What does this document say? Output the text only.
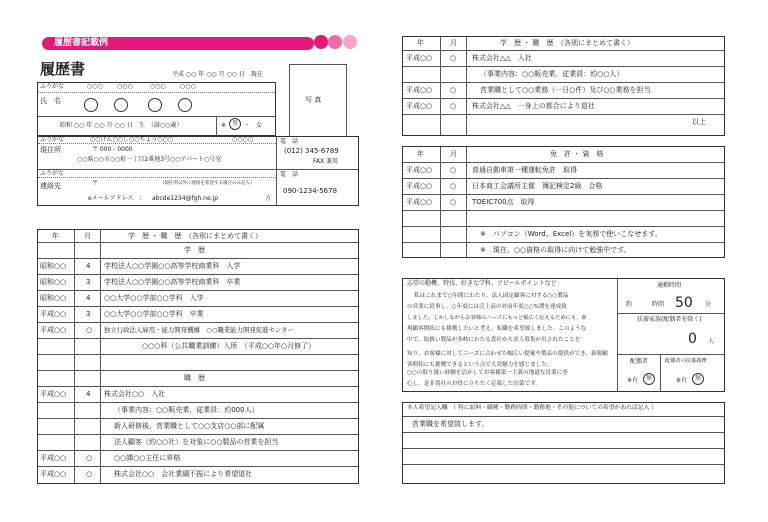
履歴書記載例
履歴書	平成 ○○ 年 ○○ 月 ○○ 日　現在
写 真
ふりがな	○○○ ○○○	○○○ ○○○
氏　名
昭和 ○○ 年 ○○ 月 ○○ 日　生　（満○○歳）	※ 男 ・　女
ふりがな	○○けん○○し○○ちょう○○○	○○○○
現住所	〒 000 - 0000
○○県○○市○○町一丁目2番地3号○○アパート○号室
電　話
(012) 345-6789
FAX 兼用
ふりがな
連絡先	〒	（現住所以外に連絡を希望する場合のみ記入）
電　話
090-1234-5678
eメールアドレス　： abcde1234@fgh.ne.jp	方
年	月	学　歴 ・ 職　歴　（各別にまとめて書く）
学　歴
昭和○○	4 学校法人○○学園○○高等学校商業科　入学
昭和○○	3 学校法人○○学園○○高等学校商業科　卒業
昭和○○	4 ○○大学○○学部○○学科　入学
平成○○	3 ○○大学○○学部○○学科　卒業
平成○○	○ 独立行政法人雇用・能力開発機構　○○職業能力開発促進センター
○○○科（公共職業訓練）入所　（平成○○年○月修了）
職　歴
平成○○	4 株式会社○○　入社
（事業内容：○○販売業、従業員：約000人）
新人研修後、営業職として○○支店○○部に配属
法人顧客（約○○社）を対象に○○製品の営業を担当
平成○○	○	○○課○○主任に昇格
平成○○	○	株式会社○○　会社業績不振により希望退社
年	月	学　歴 ・ 職　歴　（各別にまとめて書く）
平成○○	○ 株式会社△△　入社
（事業内容：○○販売業、従業員：約○○人）
平成○○	○	営業職として○○業務（一日○件）及び○○業務を担当
平成○○	○ 株式会社△△　一身上の都合により退社
以上
年	月	免　許 ・ 資　格
平成○○	○ 普通自動車第一種運転免許　取得
平成○○	○ 日本商工会議所主催　簿記検定2級　合格
平成○○	○ TOEIC700点　取得
※　パソコン（Word、Excel）を実務で使いこなせます。
※　現在、○○資格の取得に向けて勉強中です。
志望の動機、特技、好きな学科、アピールポイントなど
私はこれまで○年間にわたり、法人国定顧客に対する○○製品
の営業に従事し、○年度には売上高の対前年度○○%増を達成致
しました。しかしながらお客様のニーズにもっと幅広く応えるためにも、新
規顧客開拓にも挑戦したいと考え、転職を希望致しました。このような
中で、取扱い製品が多岐にわたる貴社から求人募集が出されたことを
知り、お客様に対してニーズに合わせた幅広い提案や製品の提供ができ、新規顧客開拓にも挑戦できるという点で大変魅力を感じました。
○○の取り扱い経験を活かしてお客様第一主義の地道な営業に専
心し、是非貴社のお役に立ちたく応募した次第です。
通勤時間
約	時間 50 分
扶養家族(配偶者を除く)
0 人
配偶者	配偶者の扶養義務
※有 無	※有 無
本人希望記入欄　（ 特に給料・職種・勤務時間・勤務地・その他についての希望があれば記入 ）
営業職を希望致します。
